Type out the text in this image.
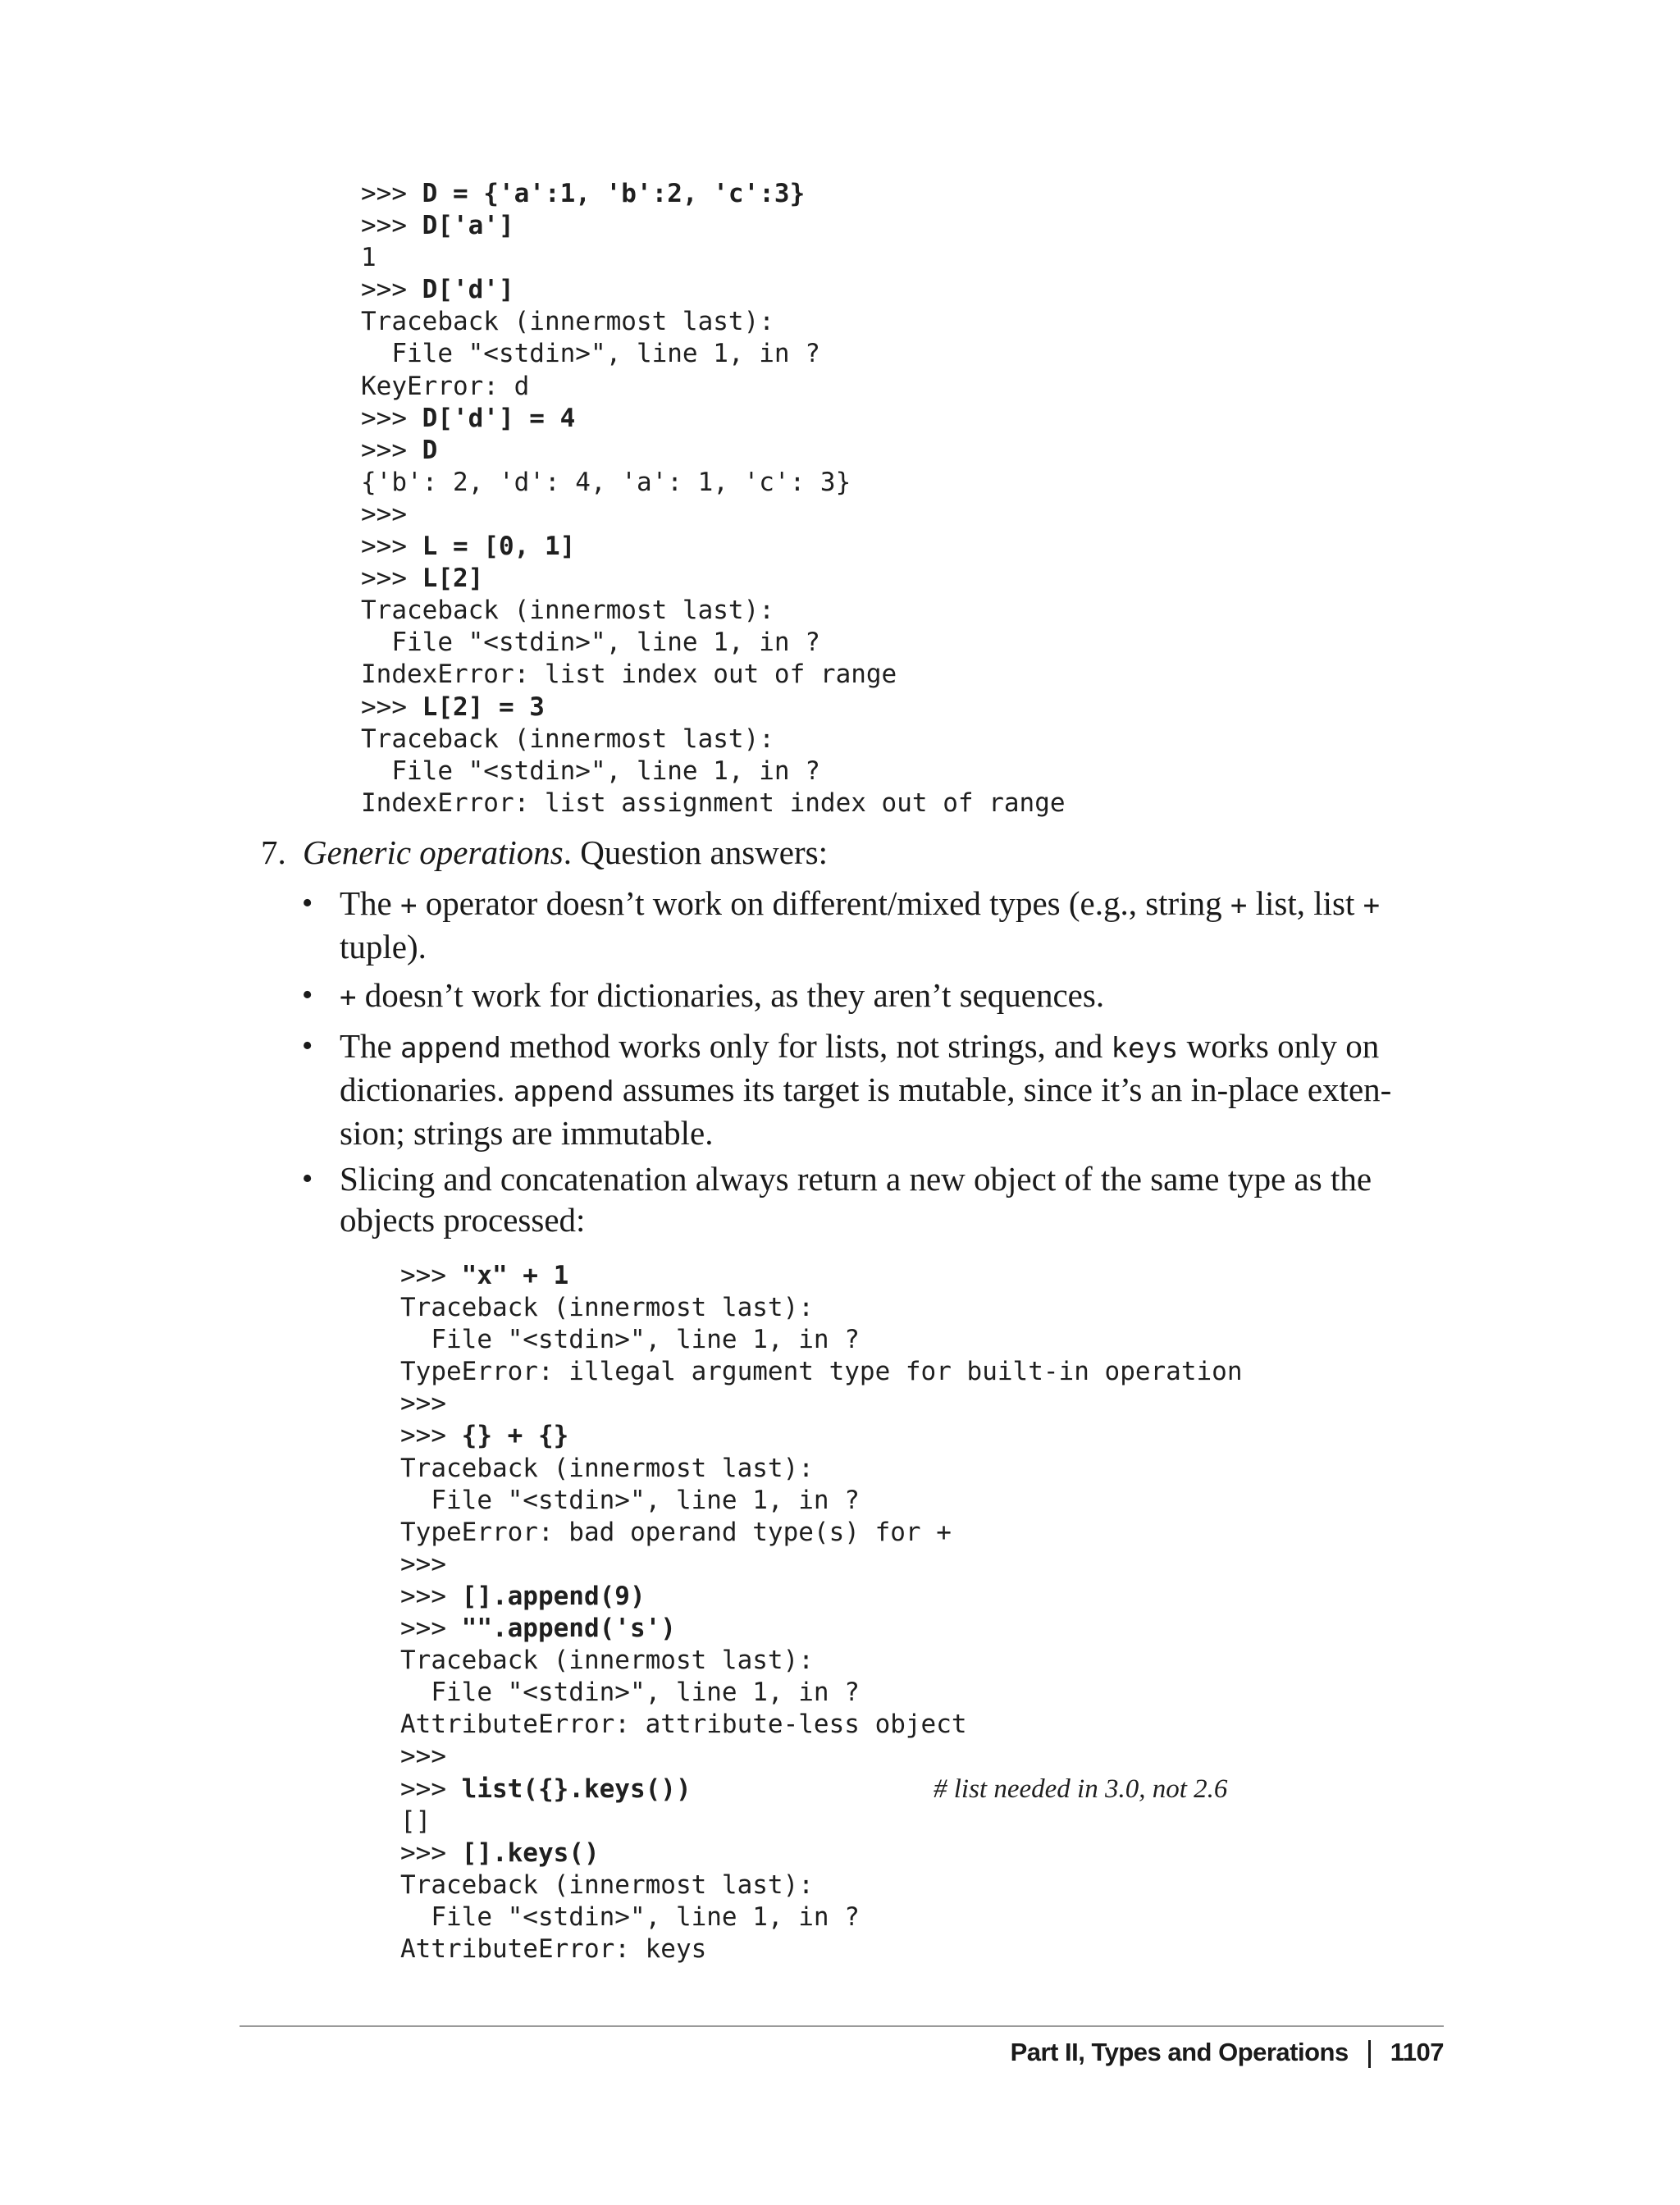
>>> D = {'a':1, 'b':2, 'c':3}
>>> D['a']
1
>>> D['d']
Traceback (innermost last):
File "<stdin>", line 1, in ?
KeyError: d
>>> D['d'] = 4
>>> D
{'b': 2, 'd': 4, 'a': 1, 'c': 3}
>>>
>>> L = [0, 1]
>>> L[2]
Traceback (innermost last):
File "<stdin>", line 1, in ?
IndexError: list index out of range
>>> L[2] = 3
Traceback (innermost last):
File "<stdin>", line 1, in ?
IndexError: list assignment index out of range
7. Generic operations. Question answers:
• The + operator doesn’t work on different/mixed types (e.g., string + list, list +
tuple).
• + doesn’t work for dictionaries, as they aren’t sequences.
• The append method works only for lists, not strings, and keys works only on
dictionaries. append assumes its target is mutable, since it’s an in-place exten-
sion; strings are immutable.
• Slicing and concatenation always return a new object of the same type as the
objects processed:
>>> "x" + 1
Traceback (innermost last):
File "<stdin>", line 1, in ?
TypeError: illegal argument type for built-in operation
>>>
>>> {} + {}
Traceback (innermost last):
File "<stdin>", line 1, in ?
TypeError: bad operand type(s) for +
>>>
>>> [].append(9)
>>> "".append('s')
Traceback (innermost last):
File "<stdin>", line 1, in ?
AttributeError: attribute-less object
>>>
>>> list({}.keys())	# list needed in 3.0, not 2.6
[]
>>> [].keys()
Traceback (innermost last):
File "<stdin>", line 1, in ?
AttributeError: keys
Part II, Types and Operations 1107
